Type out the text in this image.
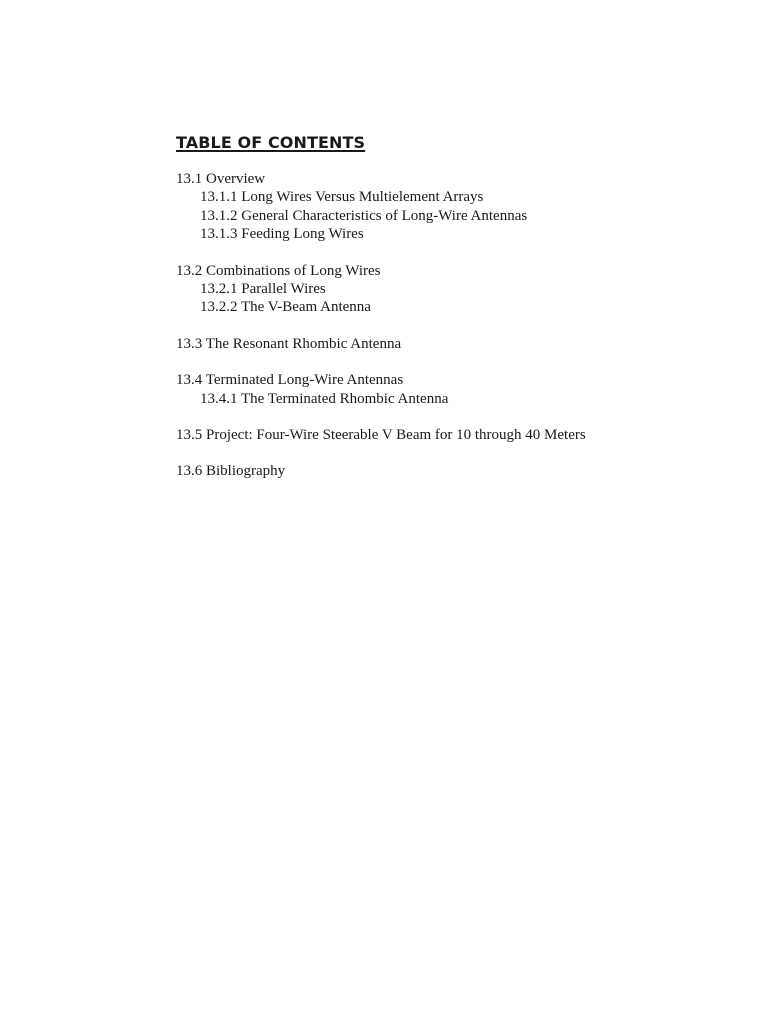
TABLE OF CONTENTS
13.1 Overview
13.1.1 Long Wires Versus Multielement Arrays
13.1.2 General Characteristics of Long-Wire Antennas
13.1.3 Feeding Long Wires
13.2 Combinations of Long Wires
13.2.1 Parallel Wires
13.2.2 The V-Beam Antenna
13.3 The Resonant Rhombic Antenna
13.4 Terminated Long-Wire Antennas
13.4.1 The Terminated Rhombic Antenna
13.5 Project: Four-Wire Steerable V Beam for 10 through 40 Meters
13.6 Bibliography
